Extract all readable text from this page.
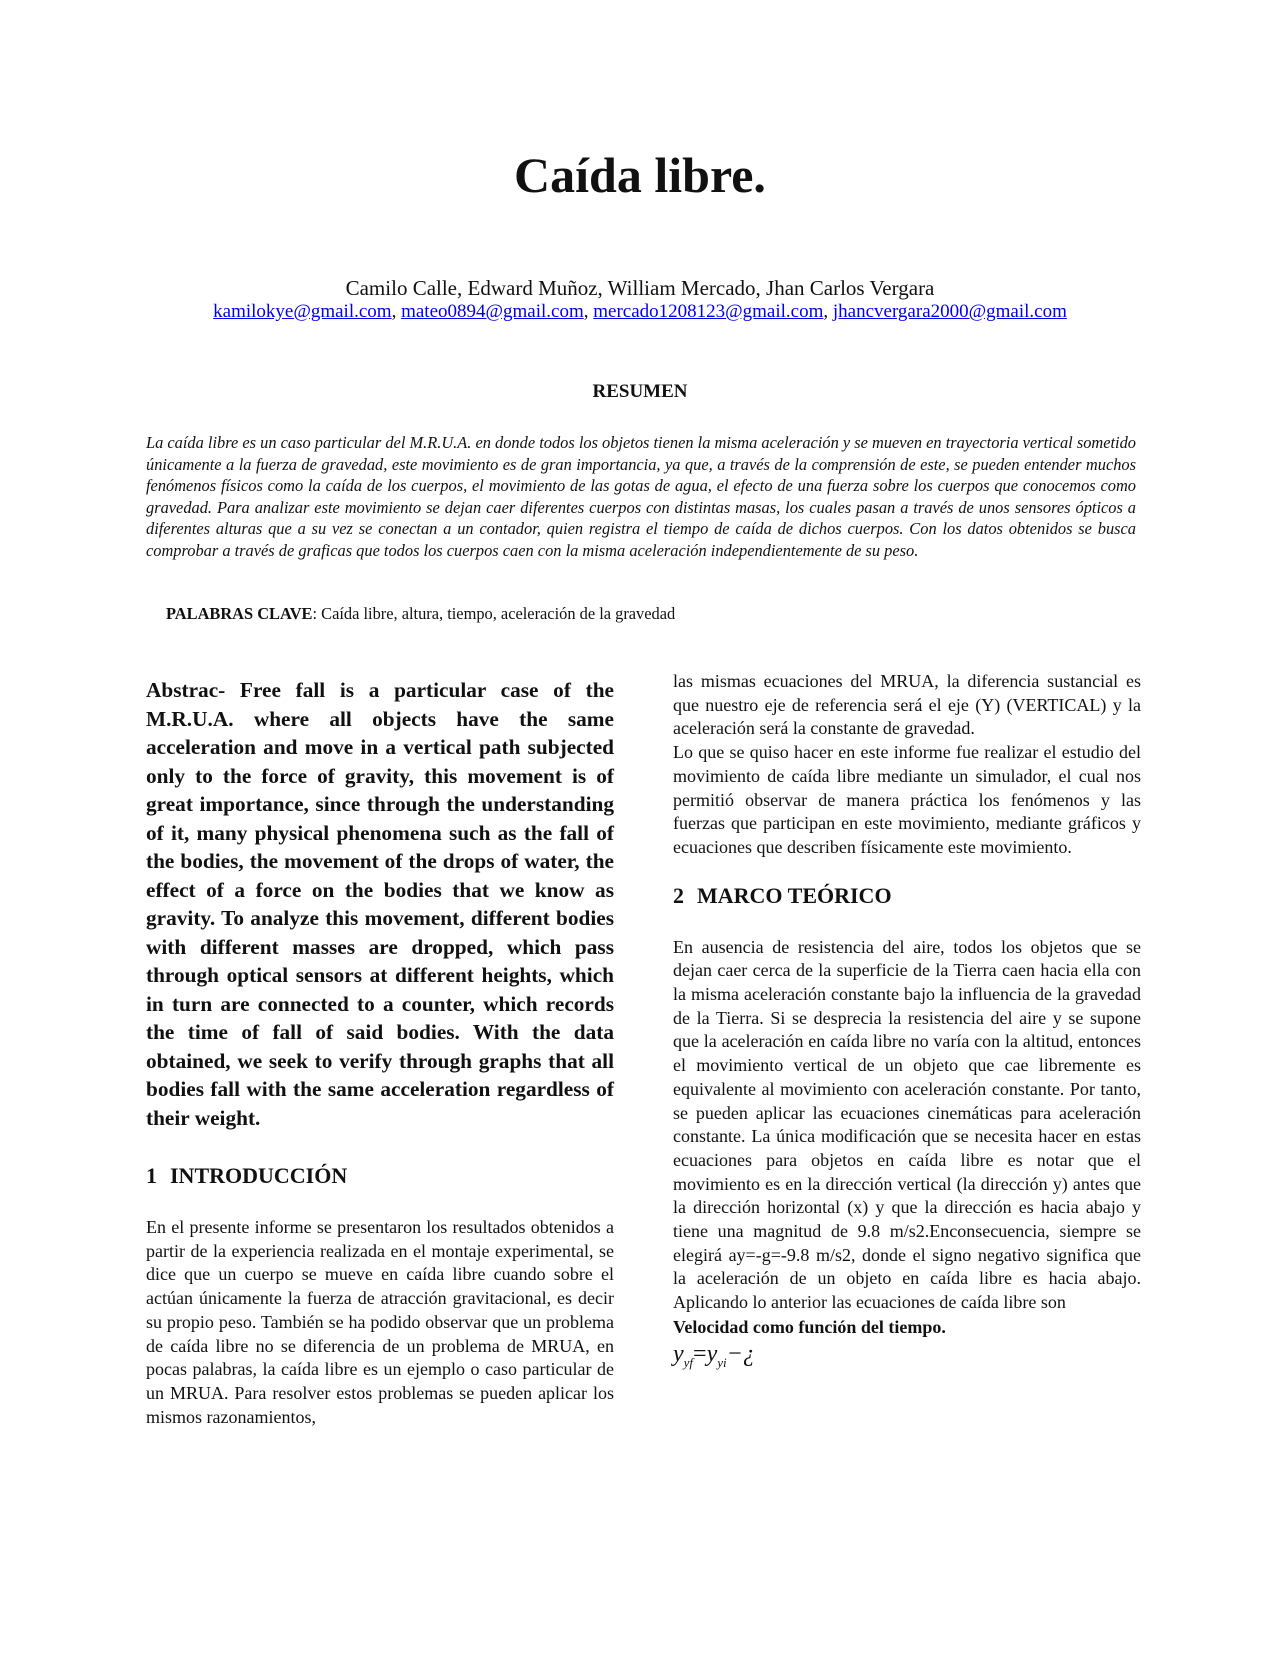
Caída libre.
Camilo Calle, Edward Muñoz, William Mercado, Jhan Carlos Vergara
kamilokye@gmail.com, mateo0894@gmail.com, mercado1208123@gmail.com, jhancvergara2000@gmail.com
RESUMEN

La caída libre es un caso particular del M.R.U.A. en donde todos los objetos tienen la misma aceleración y se mueven en trayectoria vertical sometido únicamente a la fuerza de gravedad, este movimiento es de gran importancia, ya que, a través de la comprensión de este, se pueden entender muchos fenómenos físicos como la caída de los cuerpos, el movimiento de las gotas de agua, el efecto de una fuerza sobre los cuerpos que conocemos como gravedad. Para analizar este movimiento se dejan caer diferentes cuerpos con distintas masas, los cuales pasan a través de unos sensores ópticos a diferentes alturas que a su vez se conectan a un contador, quien registra el tiempo de caída de dichos cuerpos. Con los datos obtenidos se busca comprobar a través de graficas que todos los cuerpos caen con la misma aceleración independientemente de su peso.

PALABRAS CLAVE: Caída libre, altura, tiempo, aceleración de la gravedad

Abstrac- Free fall is a particular case of the M.R.U.A. where all objects have the same acceleration and move in a vertical path subjected only to the force of gravity, this movement is of great importance, since through the understanding of it, many physical phenomena such as the fall of the bodies, the movement of the drops of water, the effect of a force on the bodies that we know as gravity. To analyze this movement, different bodies with different masses are dropped, which pass through optical sensors at different heights, which in turn are connected to a counter, which records the time of fall of said bodies. With the data obtained, we seek to verify through graphs that all bodies fall with the same acceleration regardless of their weight.

1 INTRODUCCIÓN

En el presente informe se presentaron los resultados obtenidos a partir de la experiencia realizada en el montaje experimental, se dice que un cuerpo se mueve en caída libre cuando sobre el actúan únicamente la fuerza de atracción gravitacional, es decir su propio peso. También se ha podido observar que un problema de caída libre no se diferencia de un problema de MRUA, en pocas palabras, la caída libre es un ejemplo o caso particular de un MRUA. Para resolver estos problemas se pueden aplicar los mismos razonamientos,

las mismas ecuaciones del MRUA, la diferencia sustancial es que nuestro eje de referencia será el eje (Y) (VERTICAL) y la aceleración será la constante de gravedad.

Lo que se quiso hacer en este informe fue realizar el estudio del movimiento de caída libre mediante un simulador, el cual nos permitió observar de manera práctica los fenómenos y las fuerzas que participan en este movimiento, mediante gráficos y ecuaciones que describen físicamente este movimiento.

2 MARCO TEÓRICO

En ausencia de resistencia del aire, todos los objetos que se dejan caer cerca de la superficie de la Tierra caen hacia ella con la misma aceleración constante bajo la influencia de la gravedad de la Tierra. Si se desprecia la resistencia del aire y se supone que la aceleración en caída libre no varía con la altitud, entonces el movimiento vertical de un objeto que cae libremente es equivalente al movimiento con aceleración constante. Por tanto, se pueden aplicar las ecuaciones cinemáticas para aceleración constante. La única modificación que se necesita hacer en estas ecuaciones para objetos en caída libre es notar que el movimiento es en la dirección vertical (la dirección y) antes que la dirección horizontal (x) y que la dirección es hacia abajo y tiene una magnitud de 9.8 m/s2.Enconsecuencia, siempre se elegirá ay=-g=-9.8 m/s2, donde el signo negativo significa que la aceleración de un objeto en caída libre es hacia abajo. Aplicando lo anterior las ecuaciones de caída libre son

Velocidad como función del tiempo.

$y_{yf}=y_{yi}-¿$
